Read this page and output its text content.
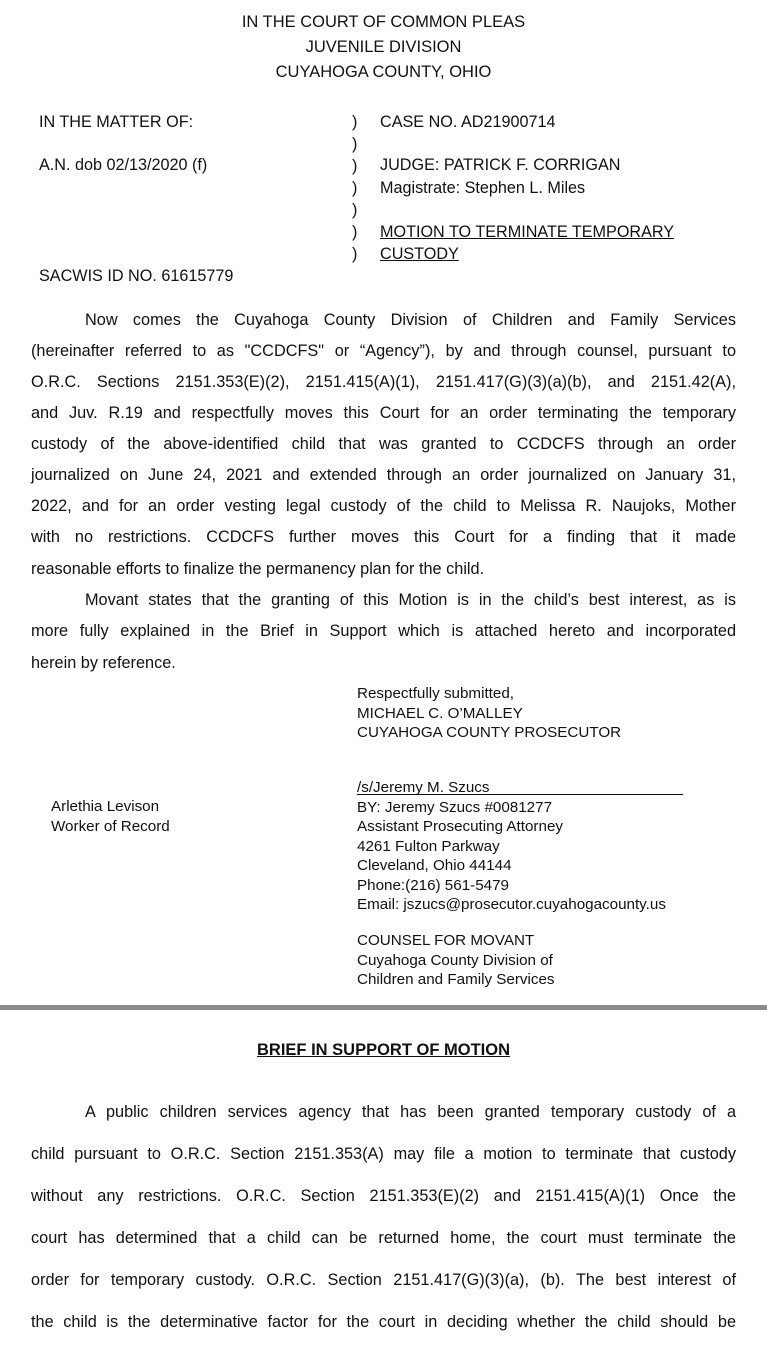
IN THE COURT OF COMMON PLEAS
JUVENILE DIVISION
CUYAHOGA COUNTY, OHIO
IN THE MATTER OF:
A.N. dob 02/13/2020 (f)
SACWIS ID NO. 61615779
)
)
)
)
)
)
)
CASE NO. AD21900714
JUDGE: PATRICK F. CORRIGAN
Magistrate: Stephen L. Miles
MOTION TO TERMINATE TEMPORARY
CUSTODY
Now comes the Cuyahoga County Division of Children and Family Services
(hereinafter referred to as "CCDCFS" or “Agency”), by and through counsel, pursuant to
O.R.C. Sections 2151.353(E)(2), 2151.415(A)(1), 2151.417(G)(3)(a)(b), and 2151.42(A),
and Juv. R.19 and respectfully moves this Court for an order terminating the temporary
custody of the above-identified child that was granted to CCDCFS through an order
journalized on June 24, 2021 and extended through an order journalized on January 31,
2022, and for an order vesting legal custody of the child to Melissa R. Naujoks, Mother
with no restrictions. CCDCFS further moves this Court for a finding that it made
reasonable efforts to finalize the permanency plan for the child.
Movant states that the granting of this Motion is in the child’s best interest, as is
more fully explained in the Brief in Support which is attached hereto and incorporated
herein by reference.
Respectfully submitted,
MICHAEL C. O’MALLEY
CUYAHOGA COUNTY PROSECUTOR
/s/Jeremy M. Szucs
BY: Jeremy Szucs #0081277
Assistant Prosecuting Attorney
4261 Fulton Parkway
Cleveland, Ohio 44144
Phone:(216) 561-5479
Email: jszucs@prosecutor.cuyahogacounty.us
COUNSEL FOR MOVANT
Cuyahoga County Division of
Children and Family Services
Arlethia Levison
Worker of Record
BRIEF IN SUPPORT OF MOTION
A public children services agency that has been granted temporary custody of a
child pursuant to O.R.C. Section 2151.353(A) may file a motion to terminate that custody
without any restrictions. O.R.C. Section 2151.353(E)(2) and 2151.415(A)(1) Once the
court has determined that a child can be returned home, the court must terminate the
order for temporary custody. O.R.C. Section 2151.417(G)(3)(a), (b). The best interest of
the child is the determinative factor for the court in deciding whether the child should be
